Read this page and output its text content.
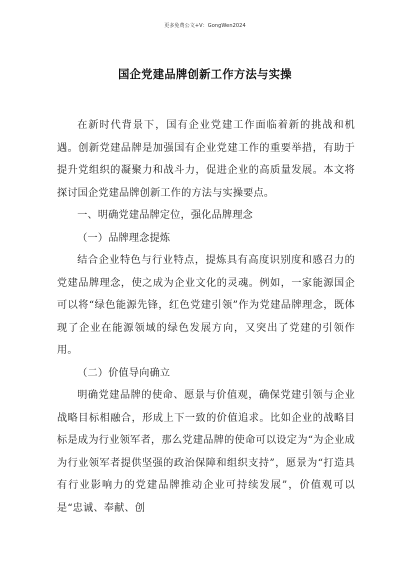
更多免费公文+V：GongWen2024
国企党建品牌创新工作方法与实操

在新时代背景下，国有企业党建工作面临着新的挑战和机遇。创新党建品牌是加强国有企业党建工作的重要举措，有助于提升党组织的凝聚力和战斗力，促进企业的高质量发展。本文将探讨国企党建品牌创新工作的方法与实操要点。

一、明确党建品牌定位，强化品牌理念

（一）品牌理念提炼

结合企业特色与行业特点，提炼具有高度识别度和感召力的党建品牌理念，使之成为企业文化的灵魂。例如，一家能源国企可以将“绿色能源先锋，红色党建引领”作为党建品牌理念，既体现了企业在能源领域的绿色发展方向，又突出了党建的引领作用。

（二）价值导向确立

明确党建品牌的使命、愿景与价值观，确保党建引领与企业战略目标相融合，形成上下一致的价值追求。比如企业的战略目标是成为行业领军者，那么党建品牌的使命可以设定为“为企业成为行业领军者提供坚强的政治保障和组织支持”，愿景为“打造具有行业影响力的党建品牌推动企业可持续发展”，价值观可以是“忠诚、奉献、创
